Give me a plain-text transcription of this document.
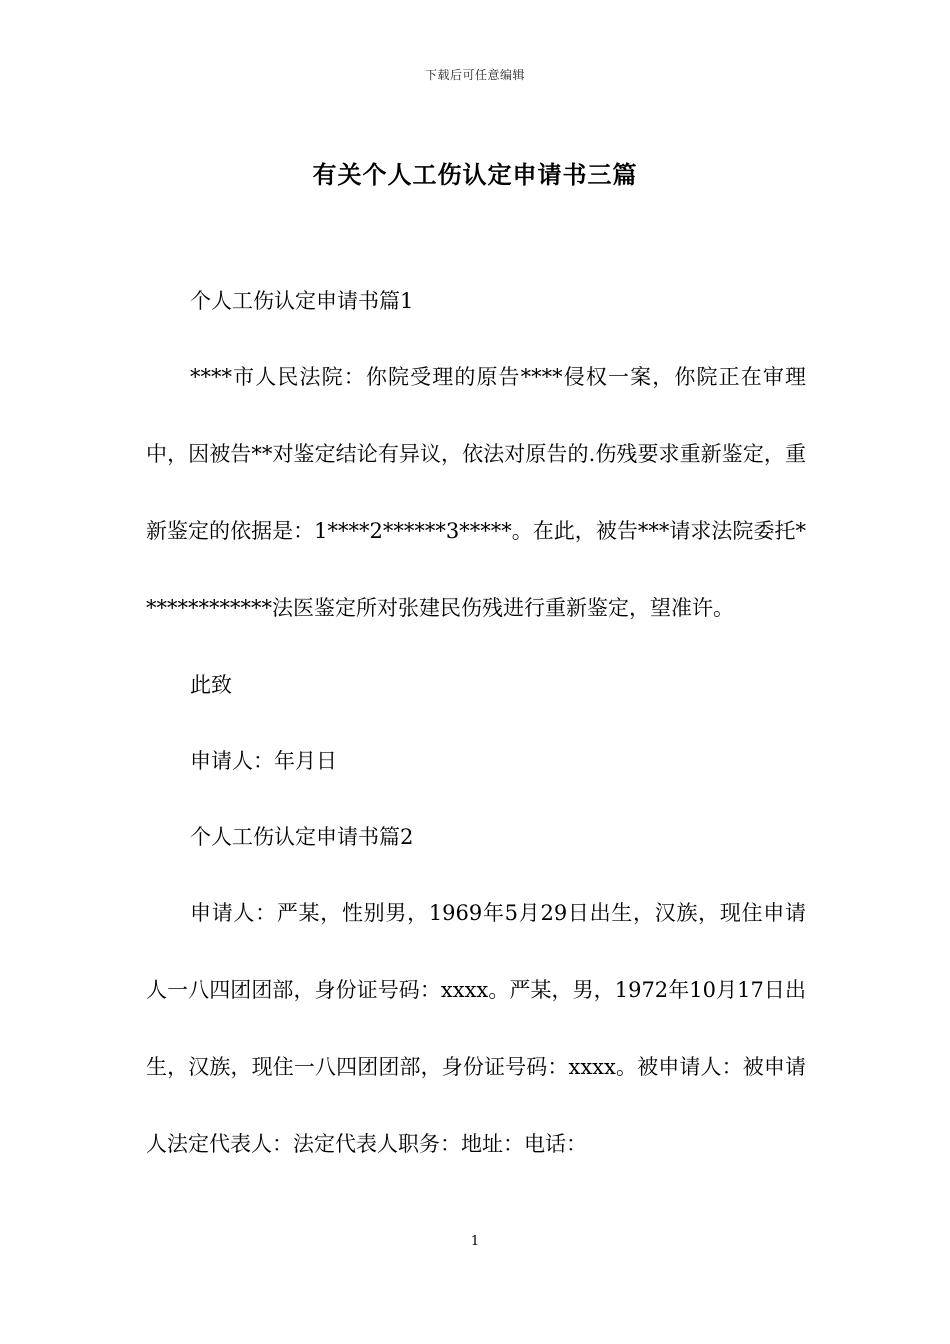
下载后可任意编辑
有关个人工伤认定申请书三篇

个人工伤认定申请书篇1

****市人民法院：你院受理的原告****侵权一案，你院正在审理中，因被告**对鉴定结论有异议，依法对原告的.伤残要求重新鉴定，重新鉴定的依据是：1****2******3*****。在此，被告***请求法院委托*************法医鉴定所对张建民伤残进行重新鉴定，望准许。

此致

申请人：年月日

个人工伤认定申请书篇2

申请人：严某，性别男，1969年5月29日出生，汉族，现住申请人一八四团团部，身份证号码：xxxx。严某，男，1972年10月17日出生，汉族，现住一八四团团部，身份证号码：xxxx。被申请人：被申请人法定代表人：法定代表人职务：地址：电话：

1
